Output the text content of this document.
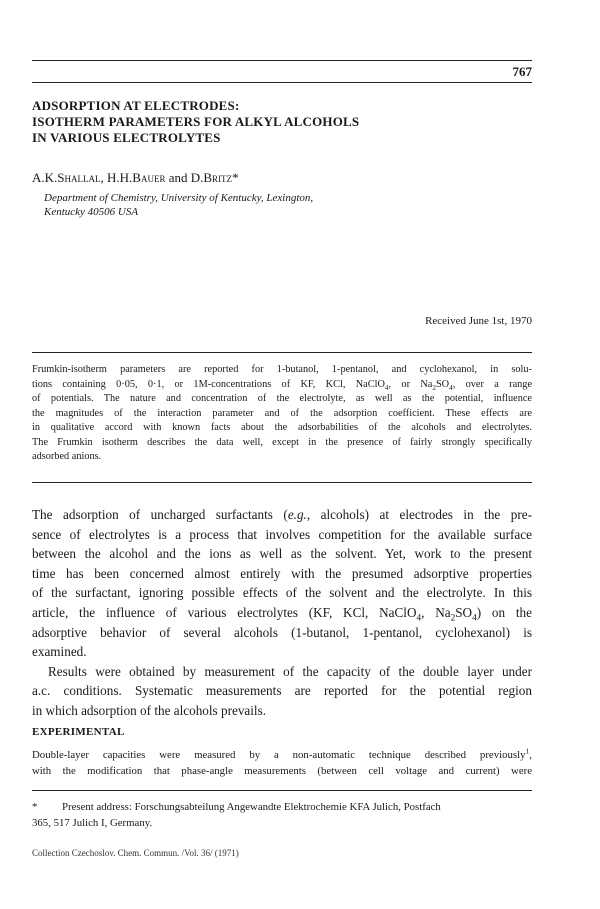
767
ADSORPTION AT ELECTRODES:
ISOTHERM PARAMETERS FOR ALKYL ALCOHOLS
IN VARIOUS ELECTROLYTES
A.K.Shallal, H.H.Bauer and D.Britz*
Department of Chemistry, University of Kentucky, Lexington,
Kentucky 40506 USA
Received June 1st, 1970
Frumkin-isotherm parameters are reported for 1-butanol, 1-pentanol, and cyclohexanol, in solu-
tions containing 0·05, 0·1, or 1M-concentrations of KF, KCl, NaClO$_4$, or $Na_2SO_4$, over a range
of potentials. The nature and concentration of the electrolyte, as well as the potential, influence
the magnitudes of the interaction parameter and of the adsorption coefficient. These effects are
in qualitative accord with known facts about the adsorbabilities of the alcohols and electrolytes.
The Frumkin isotherm describes the data well, except in the presence of fairly strongly specifically
adsorbed anions.
The adsorption of uncharged surfactants (e.g., alcohols) at electrodes in the pre-
sence of electrolytes is a process that involves competition for the available surface
between the alcohol and the ions as well as the solvent. Yet, work to the present
time has been concerned almost entirely with the presumed adsorptive properties
of the surfactant, ignoring possible effects of the solvent and the electrolyte. In this
article, the influence of various electrolytes (KF, KCl, NaClO$_4$, $Na_2SO_4$) on the
adsorptive behavior of several alcohols (1-butanol, 1-pentanol, cyclohexanol) is
examined.
Results were obtained by measurement of the capacity of the double layer under
a.c. conditions. Systematic measurements are reported for the potential region
in which adsorption of the alcohols prevails.
EXPERIMENTAL
Double-layer capacities were measured by a non-automatic technique described previously$^1$,
with the modification that phase-angle measurements (between cell voltage and current) were
* Present address: Forschungsabteilung Angewandte Elektrochemie KFA Julich, Postfach
365, 517 Julich I, Germany.
Collection Czechoslov. Chem. Commun. /Vol. 36/ (1971)
